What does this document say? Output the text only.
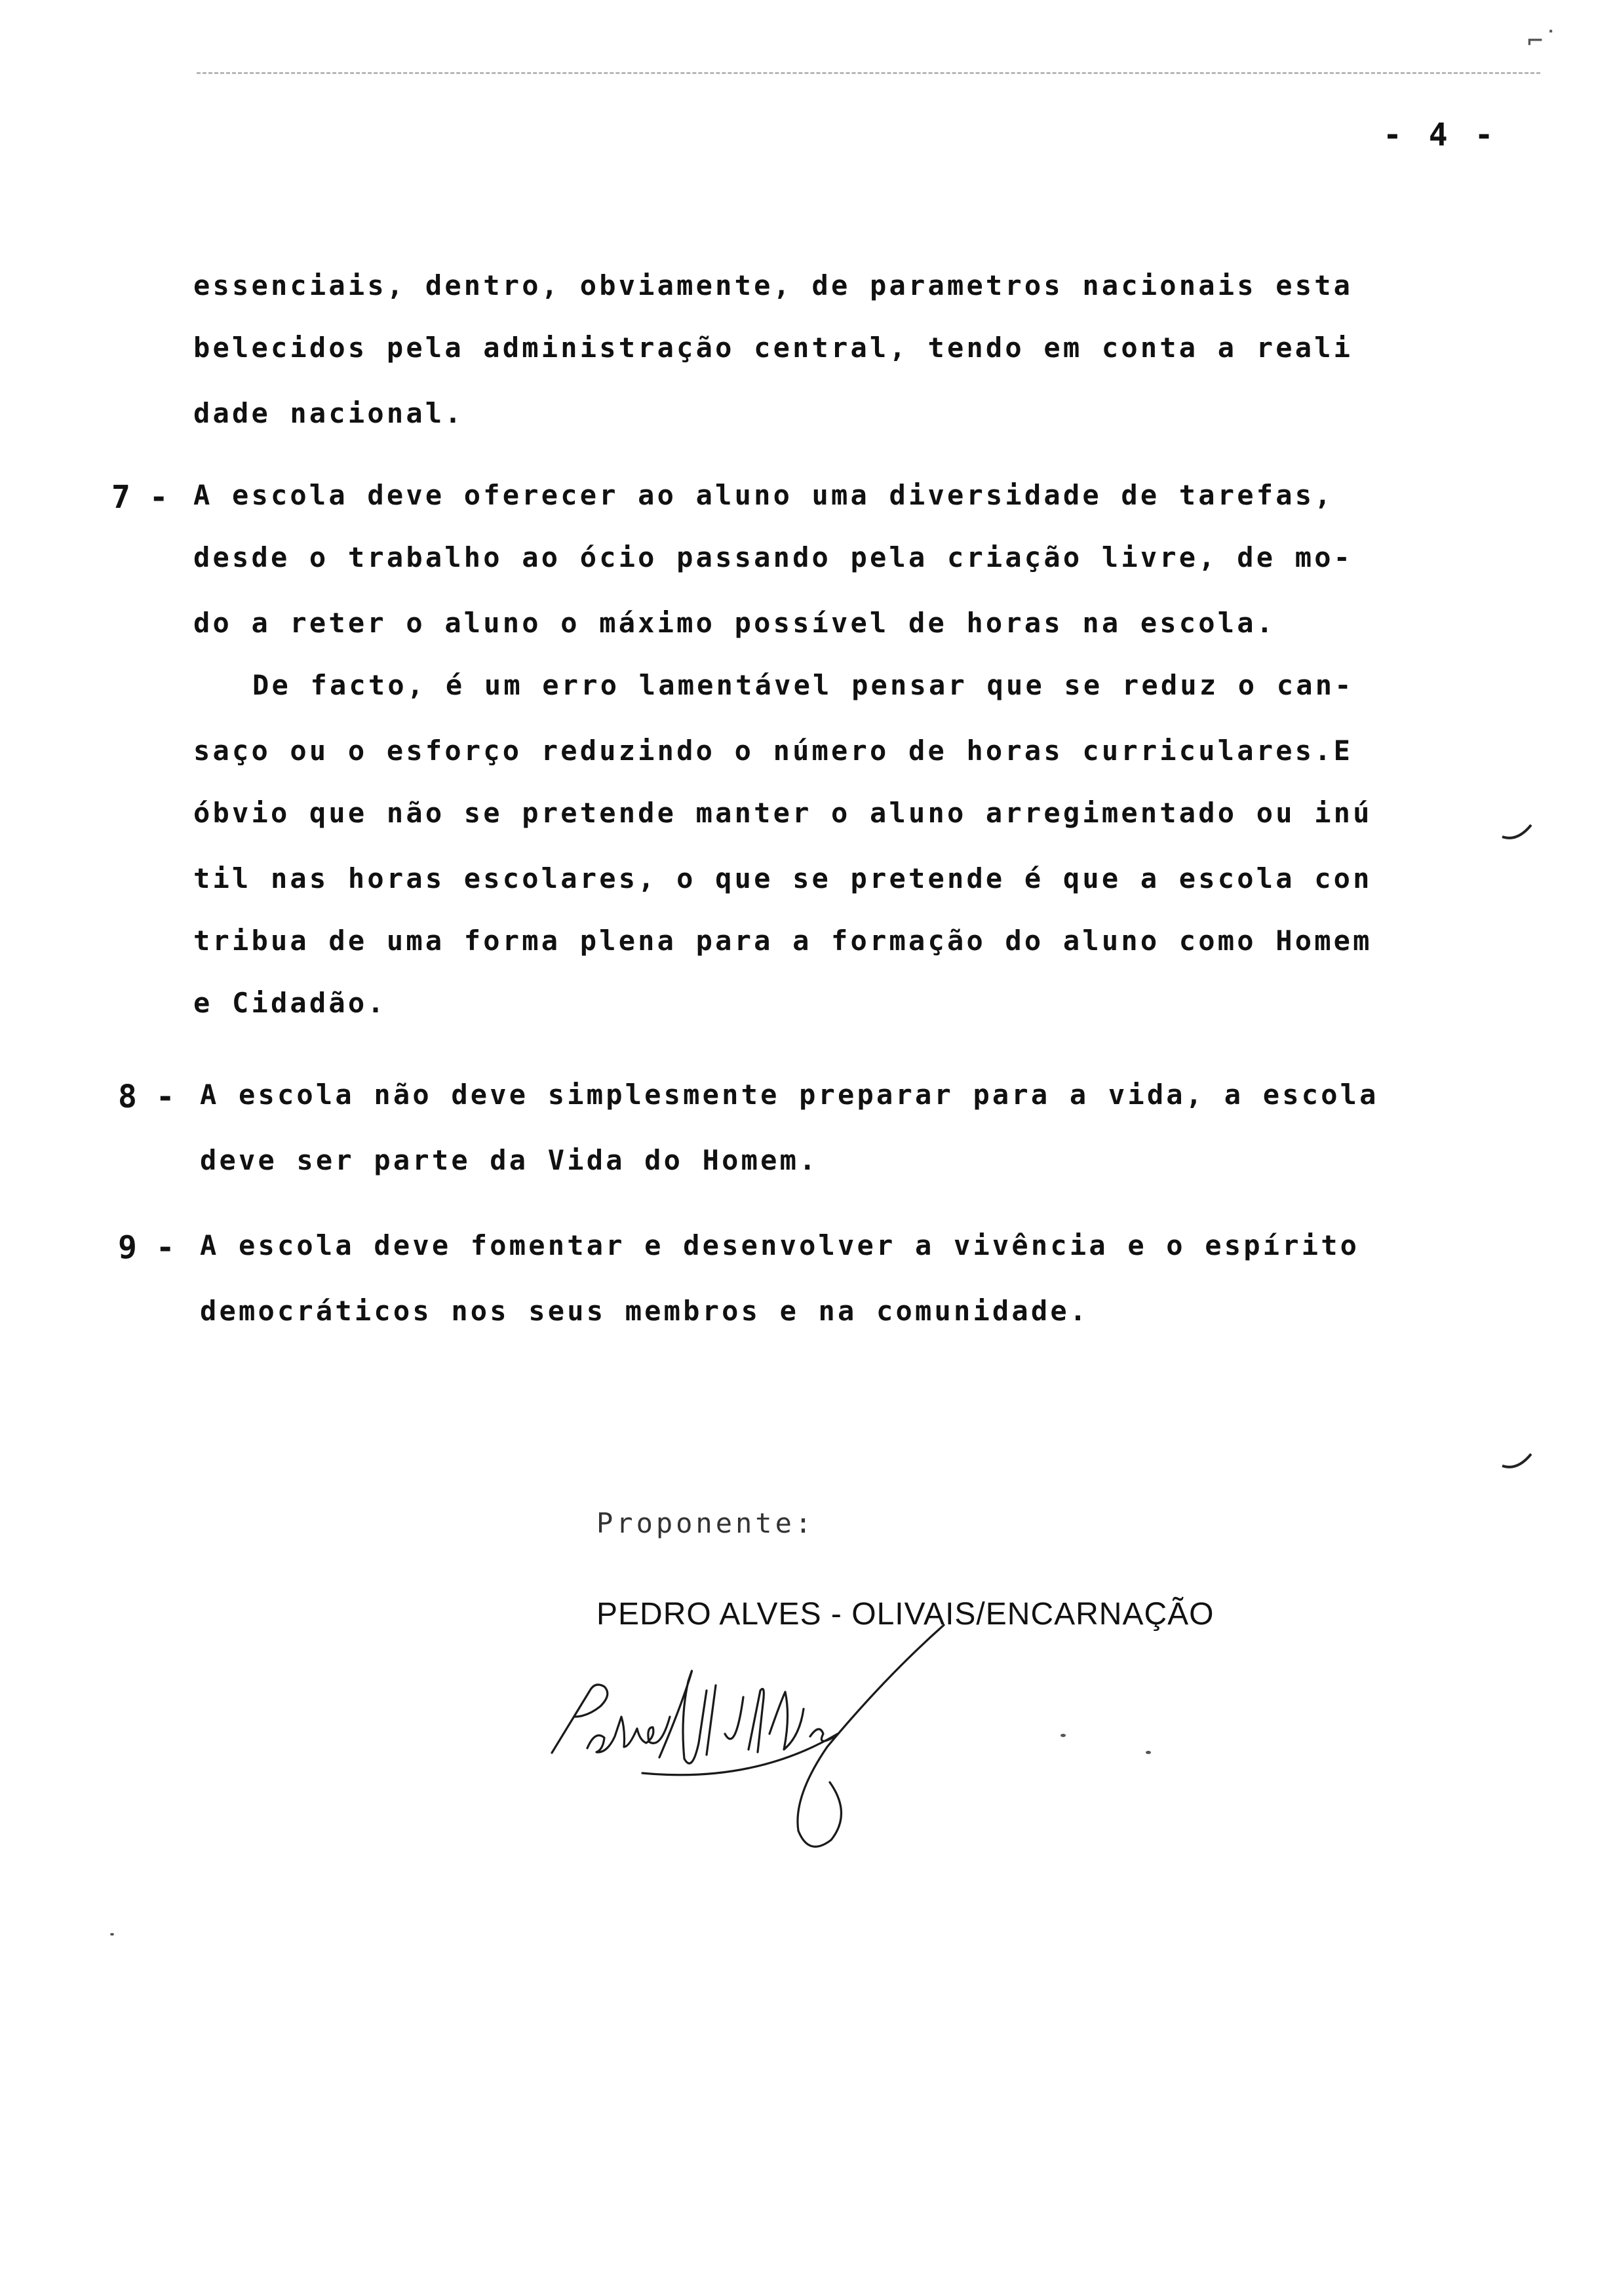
⌐˙
- 4 -
essenciais, dentro, obviamente, de parametros nacionais esta
belecidos pela administração central, tendo em conta a reali
dade nacional.
7 - A escola deve oferecer ao aluno uma diversidade de tarefas,
desde o trabalho ao ócio passando pela criação livre, de mo-
do a reter o aluno o máximo possível de horas na escola.
De facto, é um erro lamentável pensar que se reduz o can-
saço ou o esforço reduzindo o número de horas curriculares.E
óbvio que não se pretende manter o aluno arregimentado ou inú
til nas horas escolares, o que se pretende é que a escola con
tribua de uma forma plena para a formação do aluno como Homem
e Cidadão.
8 - A escola não deve simplesmente preparar para a vida, a escola
deve ser parte da Vida do Homem.
9 - A escola deve fomentar e desenvolver a vivência e o espírito
democráticos nos seus membros e na comunidade.
Proponente:
PEDRO ALVES - OLIVAIS/ENCARNAÇÃO
